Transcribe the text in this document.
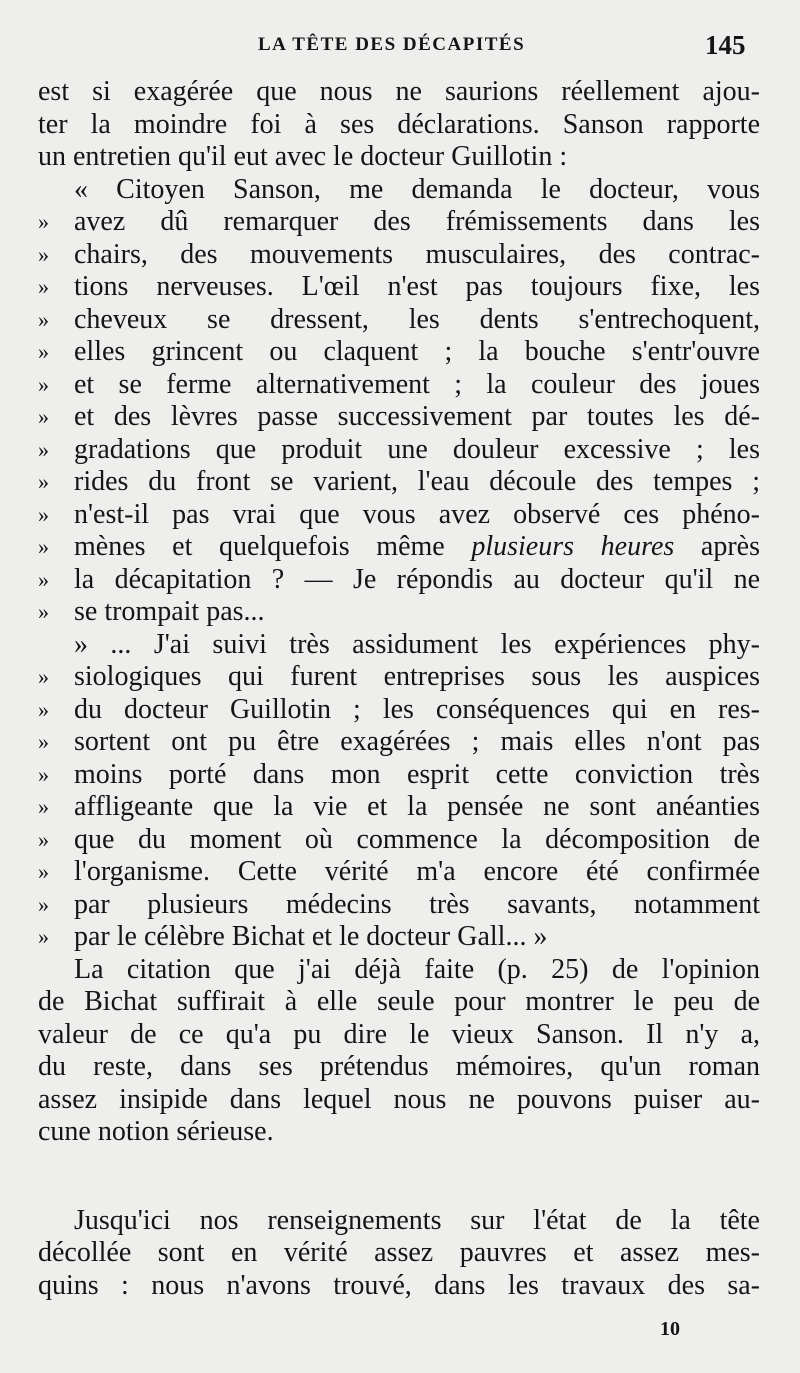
LA TÊTE DES DÉCAPITÉS	145
est si exagérée que nous ne saurions réellement ajou-
ter la moindre foi à ses déclarations. Sanson rapporte
un entretien qu'il eut avec le docteur Guillotin :
« Citoyen Sanson, me demanda le docteur, vous
» avez dû remarquer des frémissements dans les
» chairs, des mouvements musculaires, des contrac-
» tions nerveuses. L'œil n'est pas toujours fixe, les
» cheveux se dressent, les dents s'entrechoquent,
» elles grincent ou claquent ; la bouche s'entr'ouvre
» et se ferme alternativement ; la couleur des joues
» et des lèvres passe successivement par toutes les dé-
» gradations que produit une douleur excessive ; les
» rides du front se varient, l'eau découle des tempes ;
» n'est-il pas vrai que vous avez observé ces phéno-
» mènes et quelquefois même plusieurs heures après
» la décapitation ? — Je répondis au docteur qu'il ne
» se trompait pas...
» ... J'ai suivi très assidument les expériences phy-
» siologiques qui furent entreprises sous les auspices
» du docteur Guillotin ; les conséquences qui en res-
» sortent ont pu être exagérées ; mais elles n'ont pas
» moins porté dans mon esprit cette conviction très
» affligeante que la vie et la pensée ne sont anéanties
» que du moment où commence la décomposition de
» l'organisme. Cette vérité m'a encore été confirmée
» par plusieurs médecins très savants, notamment
» par le célèbre Bichat et le docteur Gall... »
La citation que j'ai déjà faite (p. 25) de l'opinion
de Bichat suffirait à elle seule pour montrer le peu de
valeur de ce qu'a pu dire le vieux Sanson. Il n'y a,
du reste, dans ses prétendus mémoires, qu'un roman
assez insipide dans lequel nous ne pouvons puiser au-
cune notion sérieuse.
Jusqu'ici nos renseignements sur l'état de la tête
décollée sont en vérité assez pauvres et assez mes-
quins : nous n'avons trouvé, dans les travaux des sa-
10
